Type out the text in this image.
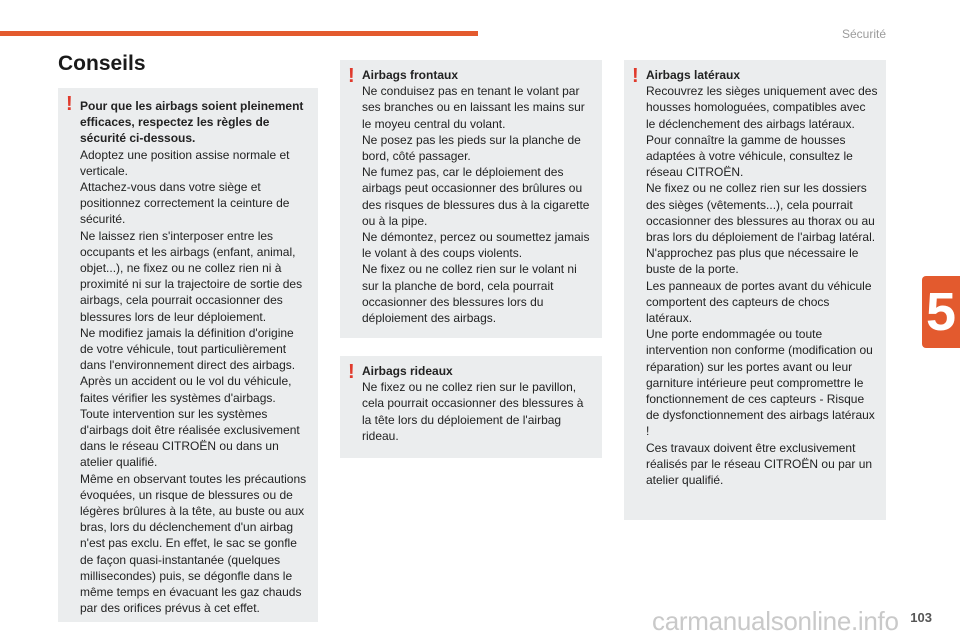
Sécurité
5
Conseils
! Pour que les airbags soient pleinement efficaces, respectez les règles de sécurité ci-dessous.

Adoptez une position assise normale et verticale.

Attachez-vous dans votre siège et positionnez correctement la ceinture de sécurité.

Ne laissez rien s'interposer entre les occupants et les airbags (enfant, animal, objet...), ne fixez ou ne collez rien ni à proximité ni sur la trajectoire de sortie des airbags, cela pourrait occasionner des blessures lors de leur déploiement.

Ne modifiez jamais la définition d'origine de votre véhicule, tout particulièrement dans l'environnement direct des airbags.

Après un accident ou le vol du véhicule, faites vérifier les systèmes d'airbags.

Toute intervention sur les systèmes d'airbags doit être réalisée exclusivement dans le réseau CITROËN ou dans un atelier qualifié.

Même en observant toutes les précautions évoquées, un risque de blessures ou de légères brûlures à la tête, au buste ou aux bras, lors du déclenchement d'un airbag n'est pas exclu. En effet, le sac se gonfle de façon quasi-instantanée (quelques millisecondes) puis, se dégonfle dans le même temps en évacuant les gaz chauds par des orifices prévus à cet effet.

! Airbags frontaux

Ne conduisez pas en tenant le volant par ses branches ou en laissant les mains sur le moyeu central du volant.

Ne posez pas les pieds sur la planche de bord, côté passager.

Ne fumez pas, car le déploiement des airbags peut occasionner des brûlures ou des risques de blessures dus à la cigarette ou à la pipe.

Ne démontez, percez ou soumettez jamais le volant à des coups violents.

Ne fixez ou ne collez rien sur le volant ni sur la planche de bord, cela pourrait occasionner des blessures lors du déploiement des airbags.

! Airbags rideaux

Ne fixez ou ne collez rien sur le pavillon, cela pourrait occasionner des blessures à la tête lors du déploiement de l'airbag rideau.

! Airbags latéraux

Recouvrez les sièges uniquement avec des housses homologuées, compatibles avec le déclenchement des airbags latéraux. Pour connaître la gamme de housses adaptées à votre véhicule, consultez le réseau CITROËN.

Ne fixez ou ne collez rien sur les dossiers des sièges (vêtements...), cela pourrait occasionner des blessures au thorax ou au bras lors du déploiement de l'airbag latéral.

N'approchez pas plus que nécessaire le buste de la porte.

Les panneaux de portes avant du véhicule comportent des capteurs de chocs latéraux.

Une porte endommagée ou toute intervention non conforme (modification ou réparation) sur les portes avant ou leur garniture intérieure peut compromettre le fonctionnement de ces capteurs - Risque de dysfonctionnement des airbags latéraux !

Ces travaux doivent être exclusivement réalisés par le réseau CITROËN ou par un atelier qualifié.

carmanualsonline.info 103
